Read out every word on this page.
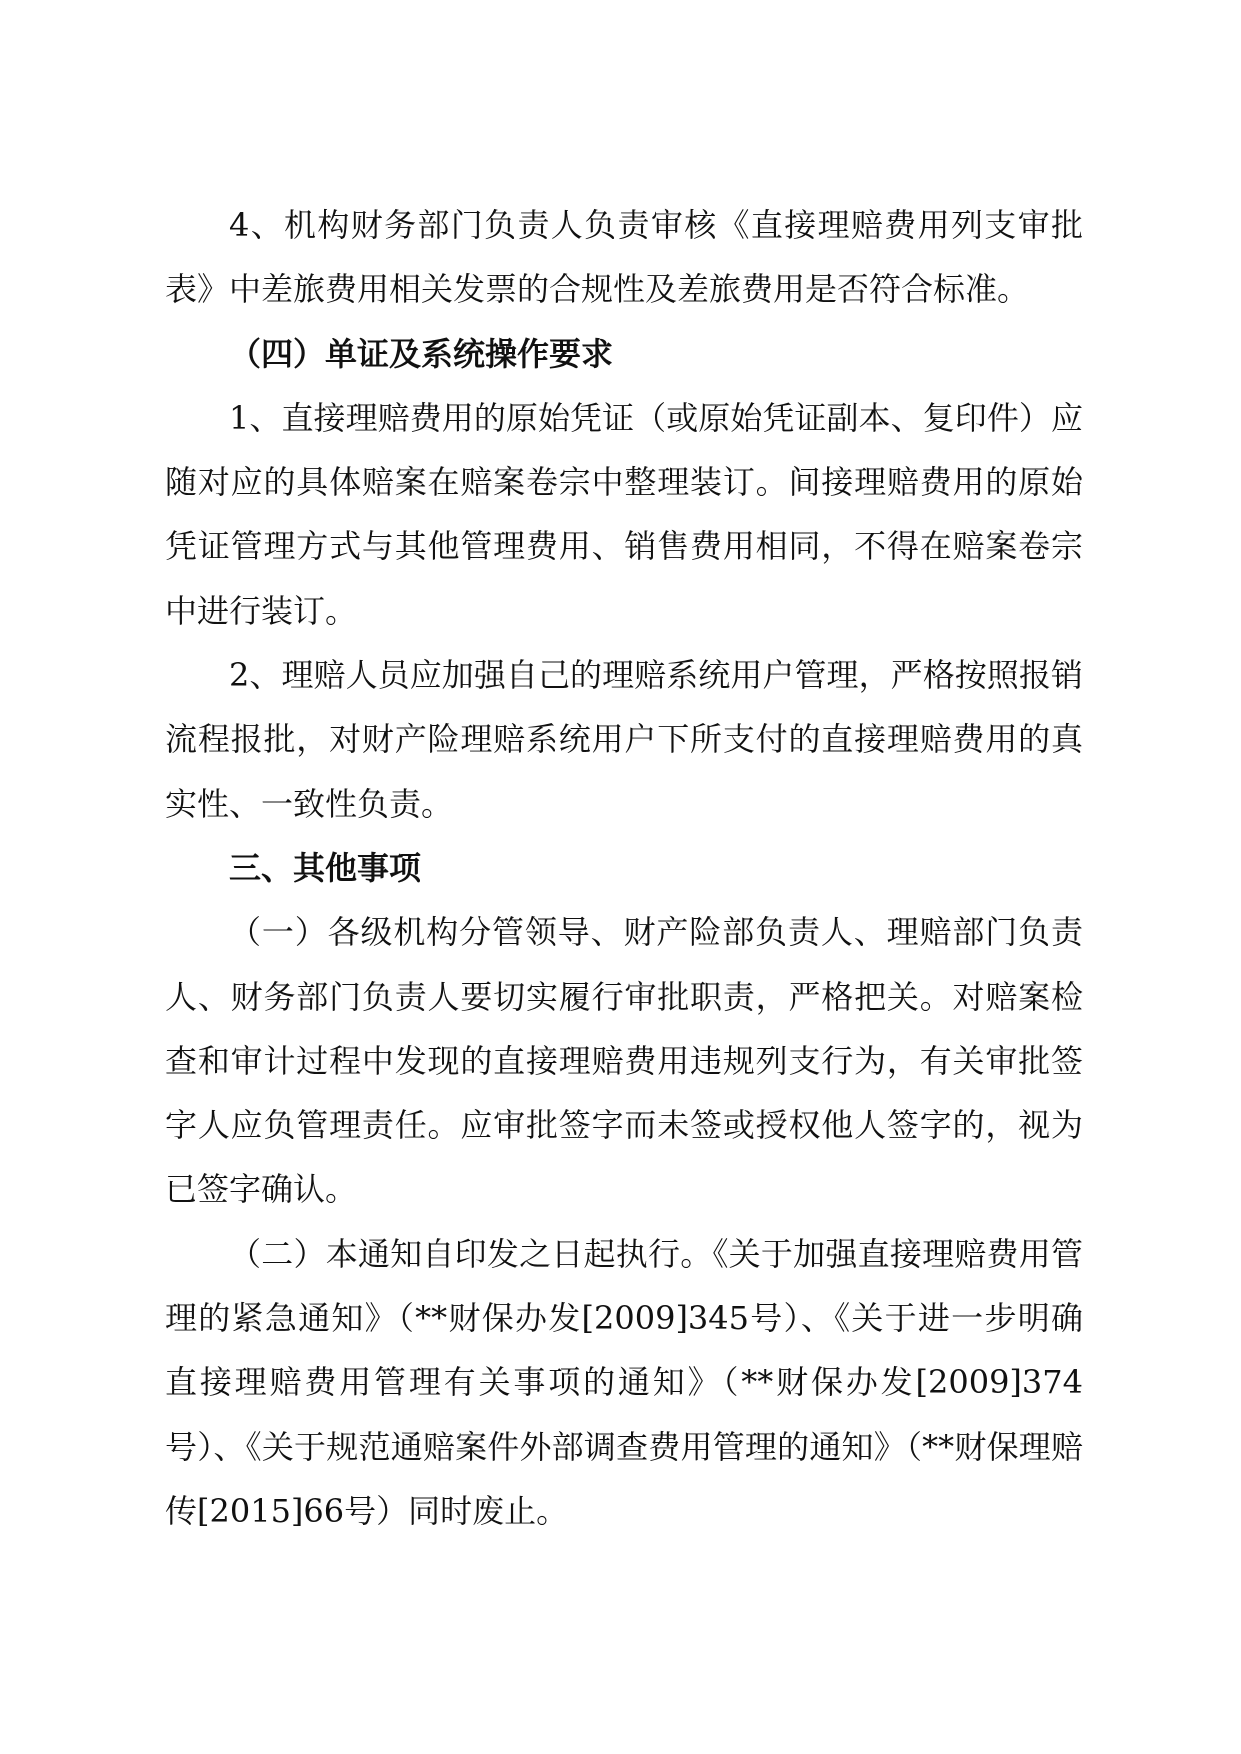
4、机构财务部门负责人负责审核《直接理赔费用列支审批表》中差旅费用相关发票的合规性及差旅费用是否符合标准。

（四）单证及系统操作要求

1、直接理赔费用的原始凭证（或原始凭证副本、复印件）应随对应的具体赔案在赔案卷宗中整理装订。间接理赔费用的原始凭证管理方式与其他管理费用、销售费用相同，不得在赔案卷宗中进行装订。

2、理赔人员应加强自己的理赔系统用户管理，严格按照报销流程报批，对财产险理赔系统用户下所支付的直接理赔费用的真实性、一致性负责。

三、其他事项

（一）各级机构分管领导、财产险部负责人、理赔部门负责人、财务部门负责人要切实履行审批职责，严格把关。对赔案检查和审计过程中发现的直接理赔费用违规列支行为，有关审批签字人应负管理责任。应审批签字而未签或授权他人签字的，视为已签字确认。

（二）本通知自印发之日起执行。《关于加强直接理赔费用管理的紧急通知》（**财保办发[2009]345号）、《关于进一步明确直接理赔费用管理有关事项的通知》（**财保办发[2009]374号）、《关于规范通赔案件外部调查费用管理的通知》（**财保理赔传[2015]66号）同时废止。
